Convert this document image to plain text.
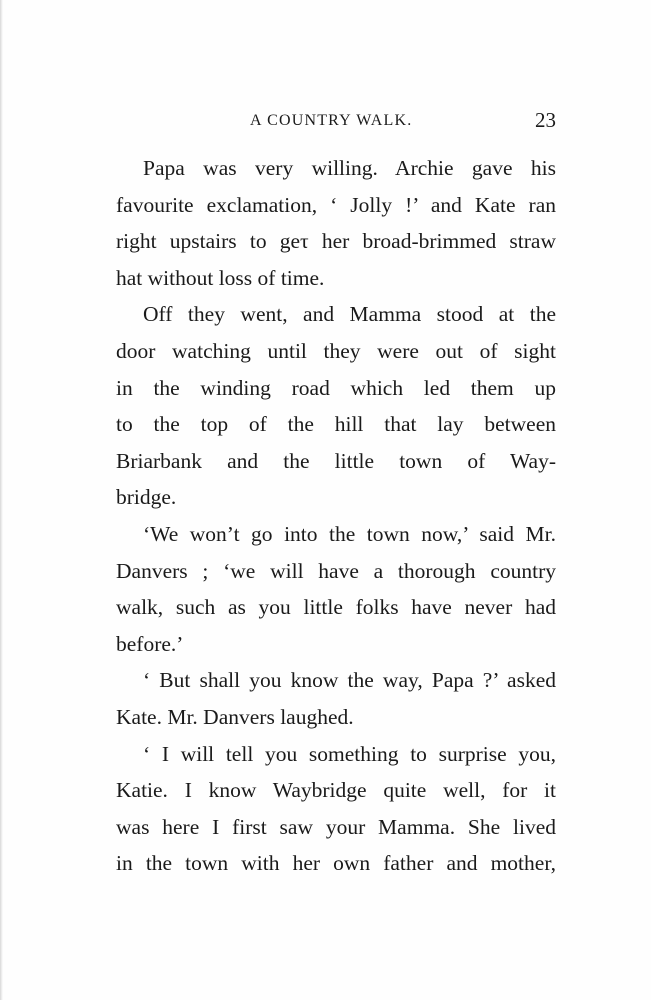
A COUNTRY WALK.	23
Papa was very willing. Archie gave his
favourite exclamation, ‘ Jolly !’ and Kate ran
right upstairs to geτ her broad-brimmed straw
hat without loss of time.
Off they went, and Mamma stood at the
door watching until they were out of sight
in the winding road which led them up
to the top of the hill that lay between
Briarbank and the little town of Way-
bridge.
‘We won’t go into the town now,’ said Mr.
Danvers ; ‘we will have a thorough country
walk, such as you little folks have never had
before.’
‘ But shall you know the way, Papa ?’ asked
Kate. Mr. Danvers laughed.
‘ I will tell you something to surprise you,
Katie. I know Waybridge quite well, for it
was here I first saw your Mamma. She lived
in the town with her own father and mother,
